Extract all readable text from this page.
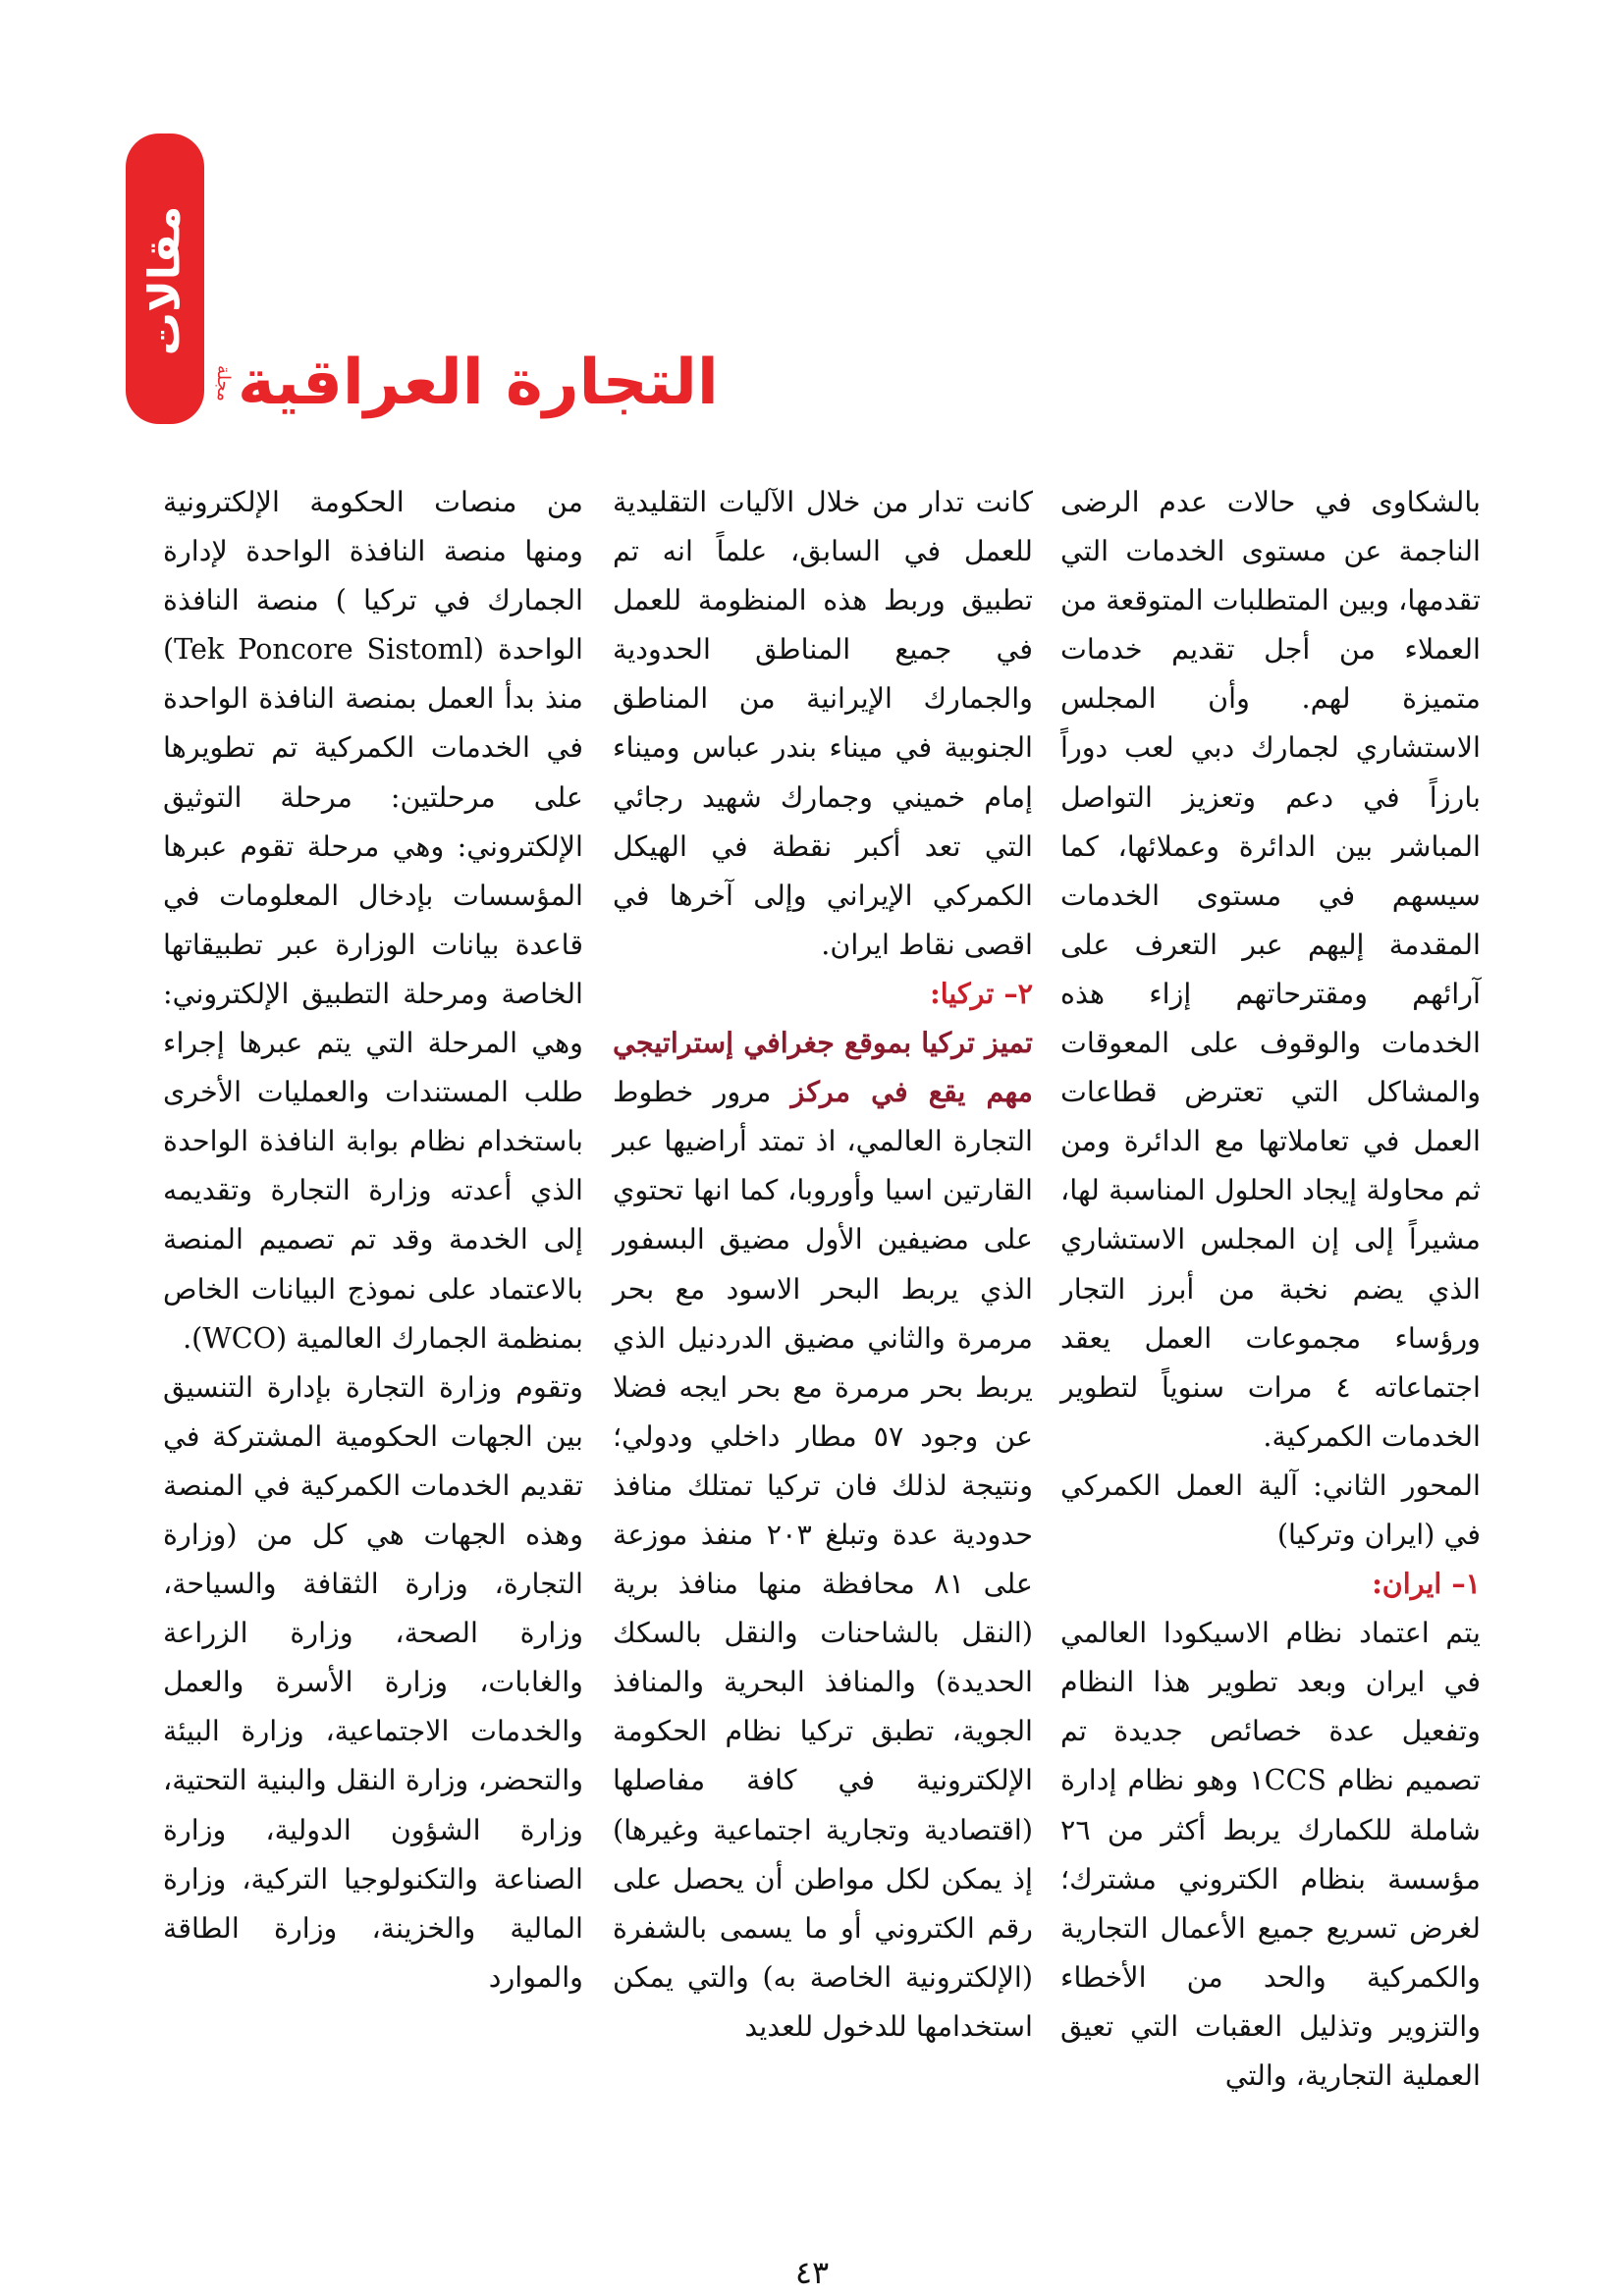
مقالات
التجارة العراقية
مجلة

بالشكاوى في حالات عدم الرضى الناجمة عن مستوى الخدمات التي تقدمها، وبين المتطلبات المتوقعة من العملاء من أجل تقديم خدمات متميزة لهم. وأن المجلس الاستشاري لجمارك دبي لعب دوراً بارزاً في دعم وتعزيز التواصل المباشر بين الدائرة وعملائها، كما سيسهم في مستوى الخدمات المقدمة إليهم عبر التعرف على آرائهم ومقترحاتهم إزاء هذه الخدمات والوقوف على المعوقات والمشاكل التي تعترض قطاعات العمل في تعاملاتها مع الدائرة ومن ثم محاولة إيجاد الحلول المناسبة لها، مشيراً إلى إن المجلس الاستشاري الذي يضم نخبة من أبرز التجار ورؤساء مجموعات العمل يعقد اجتماعاته ٤ مرات سنوياً لتطوير الخدمات الكمركية.

المحور الثاني: آلية العمل الكمركي في (ايران وتركيا)

١– ايران:

يتم اعتماد نظام الاسيكودا العالمي في ايران وبعد تطوير هذا النظام وتفعيل عدة خصائص جديدة تم تصميم نظام ١CCS وهو نظام إدارة شاملة للكمارك يربط أكثر من ٢٦ مؤسسة بنظام الكتروني مشترك؛ لغرض تسريع جميع الأعمال التجارية والكمركية والحد من الأخطاء والتزوير وتذليل العقبات التي تعيق العملية التجارية، والتي

كانت تدار من خلال الآليات التقليدية للعمل في السابق، علماً انه تم تطبيق وربط هذه المنظومة للعمل في جميع المناطق الحدودية والجمارك الإيرانية من المناطق الجنوبية في ميناء بندر عباس وميناء إمام خميني وجمارك شهيد رجائي التي تعد أكبر نقطة في الهيكل الكمركي الإيراني وإلى آخرها في اقصى نقاط ايران.

٢– تركيا:

تميز تركيا بموقع جغرافي إستراتيجي مهم يقع في مركز مرور خطوط التجارة العالمي، اذ تمتد أراضيها عبر القارتين اسيا وأوروبا، كما انها تحتوي على مضيفين الأول مضيق البسفور الذي يربط البحر الاسود مع بحر مرمرة والثاني مضيق الدردنيل الذي يربط بحر مرمرة مع بحر ايجه فضلا عن وجود ٥٧ مطار داخلي ودولي؛ ونتيجة لذلك فان تركيا تمتلك منافذ حدودية عدة وتبلغ ٢٠٣ منفذ موزعة على ٨١ محافظة منها منافذ برية (النقل بالشاحنات والنقل بالسكك الحديدة) والمنافذ البحرية والمنافذ الجوية، تطبق تركيا نظام الحكومة الإلكترونية في كافة مفاصلها (اقتصادية وتجارية اجتماعية وغيرها) إذ يمكن لكل مواطن أن يحصل على رقم الكتروني أو ما يسمى بالشفرة (الإلكترونية الخاصة به) والتي يمكن استخدامها للدخول للعديد

من منصات الحكومة الإلكترونية ومنها منصة النافذة الواحدة لإدارة الجمارك في تركيا ) منصة النافذة الواحدة (Tek Poncore Sistoml) منذ بدأ العمل بمنصة النافذة الواحدة في الخدمات الكمركية تم تطويرها على مرحلتين: مرحلة التوثيق الإلكتروني: وهي مرحلة تقوم عبرها المؤسسات بإدخال المعلومات في قاعدة بيانات الوزارة عبر تطبيقاتها الخاصة ومرحلة التطبيق الإلكتروني: وهي المرحلة التي يتم عبرها إجراء طلب المستندات والعمليات الأخرى باستخدام نظام بوابة النافذة الواحدة الذي أعدته وزارة التجارة وتقديمه إلى الخدمة وقد تم تصميم المنصة بالاعتماد على نموذج البيانات الخاص بمنظمة الجمارك العالمية (WCO).

وتقوم وزارة التجارة بإدارة التنسيق بين الجهات الحكومية المشتركة في تقديم الخدمات الكمركية في المنصة وهذه الجهات هي كل من (وزارة التجارة، وزارة الثقافة والسياحة، وزارة الصحة، وزارة الزراعة والغابات، وزارة الأسرة والعمل والخدمات الاجتماعية، وزارة البيئة والتحضر، وزارة النقل والبنية التحتية، وزارة الشؤون الدولية، وزارة الصناعة والتكنولوجيا التركية، وزارة المالية والخزينة، وزارة الطاقة والموارد

٤٣
